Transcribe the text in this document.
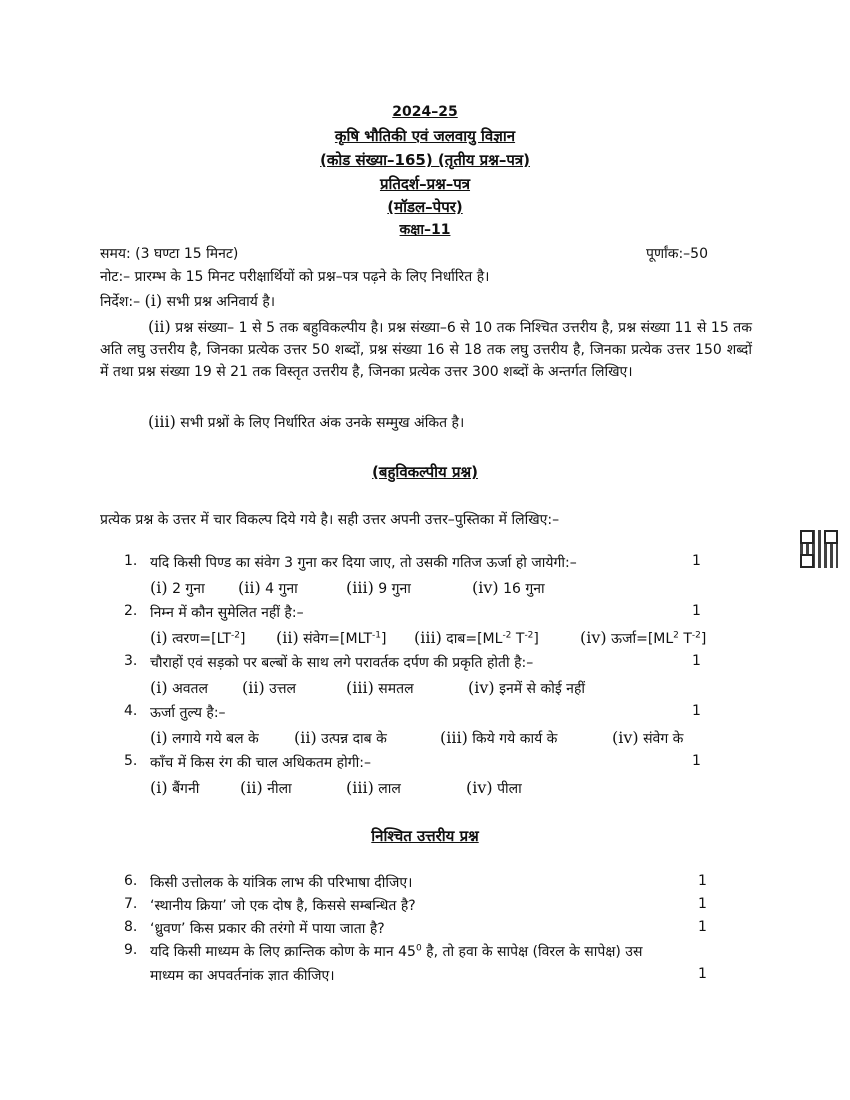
2024–25
कृषि भौतिकी एवं जलवायु विज्ञान
(कोड संख्या–165) (तृतीय प्रश्न–पत्र)
प्रतिदर्श–प्रश्न–पत्र
(मॉडल–पेपर)
कक्षा–11
समय: (3 घण्टा 15 मिनट)	पूर्णांक:–50
नोट:– प्रारम्भ के 15 मिनट परीक्षार्थियों को प्रश्न–पत्र पढ़ने के लिए निर्धारित है।
निर्देश:– (i) सभी प्रश्न अनिवार्य है।
(ii) प्रश्न संख्या– 1 से 5 तक बहुविकल्पीय है। प्रश्न संख्या–6 से 10 तक निश्चित उत्तरीय है, प्रश्न संख्या 11 से 15 तक अति लघु उत्तरीय है, जिनका प्रत्येक उत्तर 50 शब्दों, प्रश्न संख्या 16 से 18 तक लघु उत्तरीय है, जिनका प्रत्येक उत्तर 150 शब्दों में तथा प्रश्न संख्या 19 से 21 तक विस्तृत उत्तरीय है, जिनका प्रत्येक उत्तर 300 शब्दों के अन्तर्गत लिखिए।
(iii) सभी प्रश्नों के लिए निर्धारित अंक उनके सम्मुख अंकित है।
(बहुविकल्पीय प्रश्न)
प्रत्येक प्रश्न के उत्तर में चार विकल्प दिये गये है। सही उत्तर अपनी उत्तर–पुस्तिका में लिखिए:–
1. यदि किसी पिण्ड का संवेग 3 गुना कर दिया जाए, तो उसकी गतिज ऊर्जा हो जायेगी:–	1
(i) 2 गुना (ii) 4 गुना	(iii) 9 गुना	(iv) 16 गुना
2. निम्न में कौन सुमेलित नहीं है:–	1
(i) $त्वरण=[LT^{-2}]$ (ii) $संवेग=[MLT^{-1}]$ (iii) $दाब=[ML^{-2}$ $T^{-2}$]	(iv) $ऊर्जा=[ML^2$ $T^{-2}$]
3. चौराहों एवं सड़को पर बल्बों के साथ लगे परावर्तक दर्पण की प्रकृति होती है:–	1
(i) अवतल (ii) उत्तल	(iii) समतल	(iv) इनमें से कोई नहीं
4. ऊर्जा तुल्य है:–	1
(i) लगाये गये बल के (ii) उत्पन्न दाब के	(iii) किये गये कार्य के	(iv) संवेग के
5. काँच में किस रंग की चाल अधिकतम होगी:–	1
(i) बैंगनी	(ii) नीला	(iii) लाल	(iv) पीला
निश्चित उत्तरीय प्रश्न
6. किसी उत्तोलक के यांत्रिक लाभ की परिभाषा दीजिए।	1
7. ‘स्थानीय क्रिया’ जो एक दोष है, किससे सम्बन्धित है?	1
8. ‘ध्रुवण’ किस प्रकार की तरंगो में पाया जाता है?	1
9. यदि किसी माध्यम के लिए क्रान्तिक कोण के मान $45^0$ है, तो हवा के सापेक्ष (विरल के सापेक्ष) उस
माध्यम का अपवर्तनांक ज्ञात कीजिए।	1
